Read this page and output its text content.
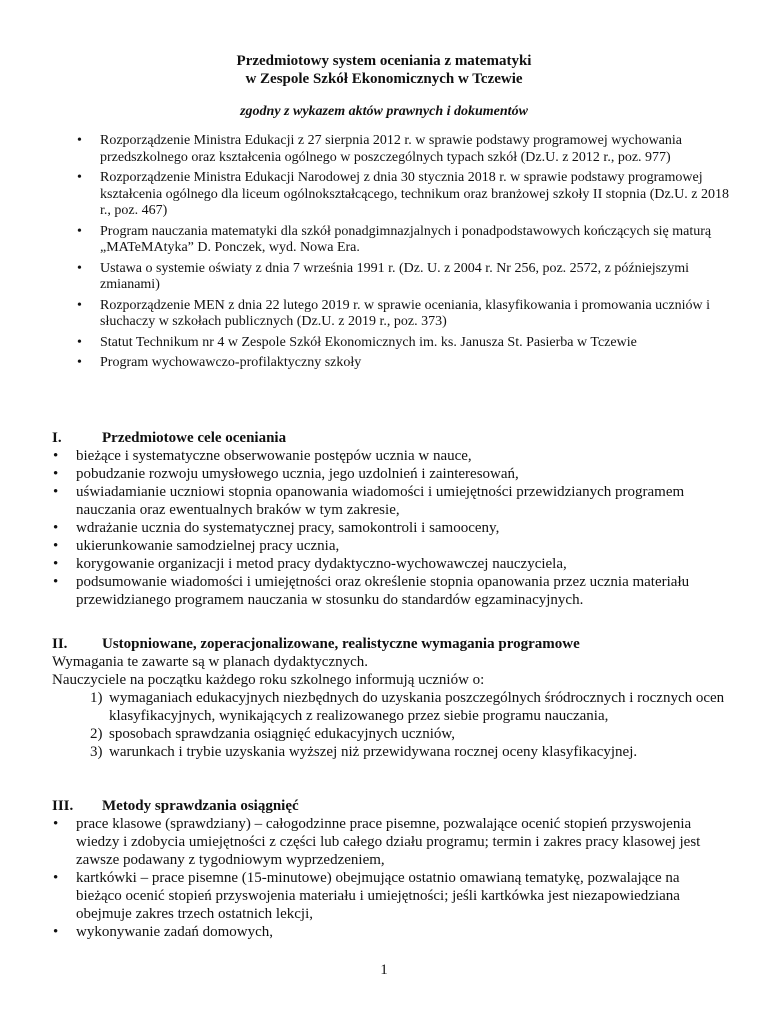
Przedmiotowy system oceniania z matematyki
w Zespole Szkół Ekonomicznych w Tczewie
zgodny z wykazem aktów prawnych i dokumentów
• Rozporządzenie Ministra Edukacji z 27 sierpnia 2012 r. w sprawie podstawy programowej wychowania przedszkolnego oraz kształcenia ogólnego w poszczególnych typach szkół (Dz.U. z 2012 r., poz. 977)
• Rozporządzenie Ministra Edukacji Narodowej z dnia 30 stycznia 2018 r. w sprawie podstawy programowej kształcenia ogólnego dla liceum ogólnokształcącego, technikum oraz branżowej szkoły II stopnia (Dz.U. z 2018 r., poz. 467)
• Program nauczania matematyki dla szkół ponadgimnazjalnych i ponadpodstawowych kończących się maturą „MATeMAtyka” D. Ponczek, wyd. Nowa Era.
• Ustawa o systemie oświaty z dnia 7 września 1991 r. (Dz. U. z 2004 r. Nr 256, poz. 2572, z późniejszymi zmianami)
• Rozporządzenie MEN z dnia 22 lutego 2019 r. w sprawie oceniania, klasyfikowania i promowania uczniów i słuchaczy w szkołach publicznych (Dz.U. z 2019 r., poz. 373)
• Statut Technikum nr 4 w Zespole Szkół Ekonomicznych im. ks. Janusza St. Pasierba w Tczewie
• Program wychowawczo-profilaktyczny szkoły
I.	Przedmiotowe cele oceniania
• bieżące i systematyczne obserwowanie postępów ucznia w nauce,
• pobudzanie rozwoju umysłowego ucznia, jego uzdolnień i zainteresowań,
• uświadamianie uczniowi stopnia opanowania wiadomości i umiejętności przewidzianych programem nauczania oraz ewentualnych braków w tym zakresie,
• wdrażanie ucznia do systematycznej pracy, samokontroli i samooceny,
• ukierunkowanie samodzielnej pracy ucznia,
• korygowanie organizacji i metod pracy dydaktyczno-wychowawczej nauczyciela,
• podsumowanie wiadomości i umiejętności oraz określenie stopnia opanowania przez ucznia materiału przewidzianego programem nauczania w stosunku do standardów egzaminacyjnych.
II. Ustopniowane, zoperacjonalizowane, realistyczne wymagania programowe
Wymagania te zawarte są w planach dydaktycznych.
Nauczyciele na początku każdego roku szkolnego informują uczniów o:
1) wymaganiach edukacyjnych niezbędnych do uzyskania poszczególnych śródrocznych i rocznych ocen klasyfikacyjnych, wynikających z realizowanego przez siebie programu nauczania,
2) sposobach sprawdzania osiągnięć edukacyjnych uczniów,
3) warunkach i trybie uzyskania wyższej niż przewidywana rocznej oceny klasyfikacyjnej.
III. Metody sprawdzania osiągnięć
• prace klasowe (sprawdziany) – całogodzinne prace pisemne, pozwalające ocenić stopień przyswojenia wiedzy i zdobycia umiejętności z części lub całego działu programu; termin i zakres pracy klasowej jest zawsze podawany z tygodniowym wyprzedzeniem,
• kartkówki – prace pisemne (15-minutowe) obejmujące ostatnio omawianą tematykę, pozwalające na bieżąco ocenić stopień przyswojenia materiału i umiejętności; jeśli kartkówka jest niezapowiedziana obejmuje zakres trzech ostatnich lekcji,
• wykonywanie zadań domowych,
1
